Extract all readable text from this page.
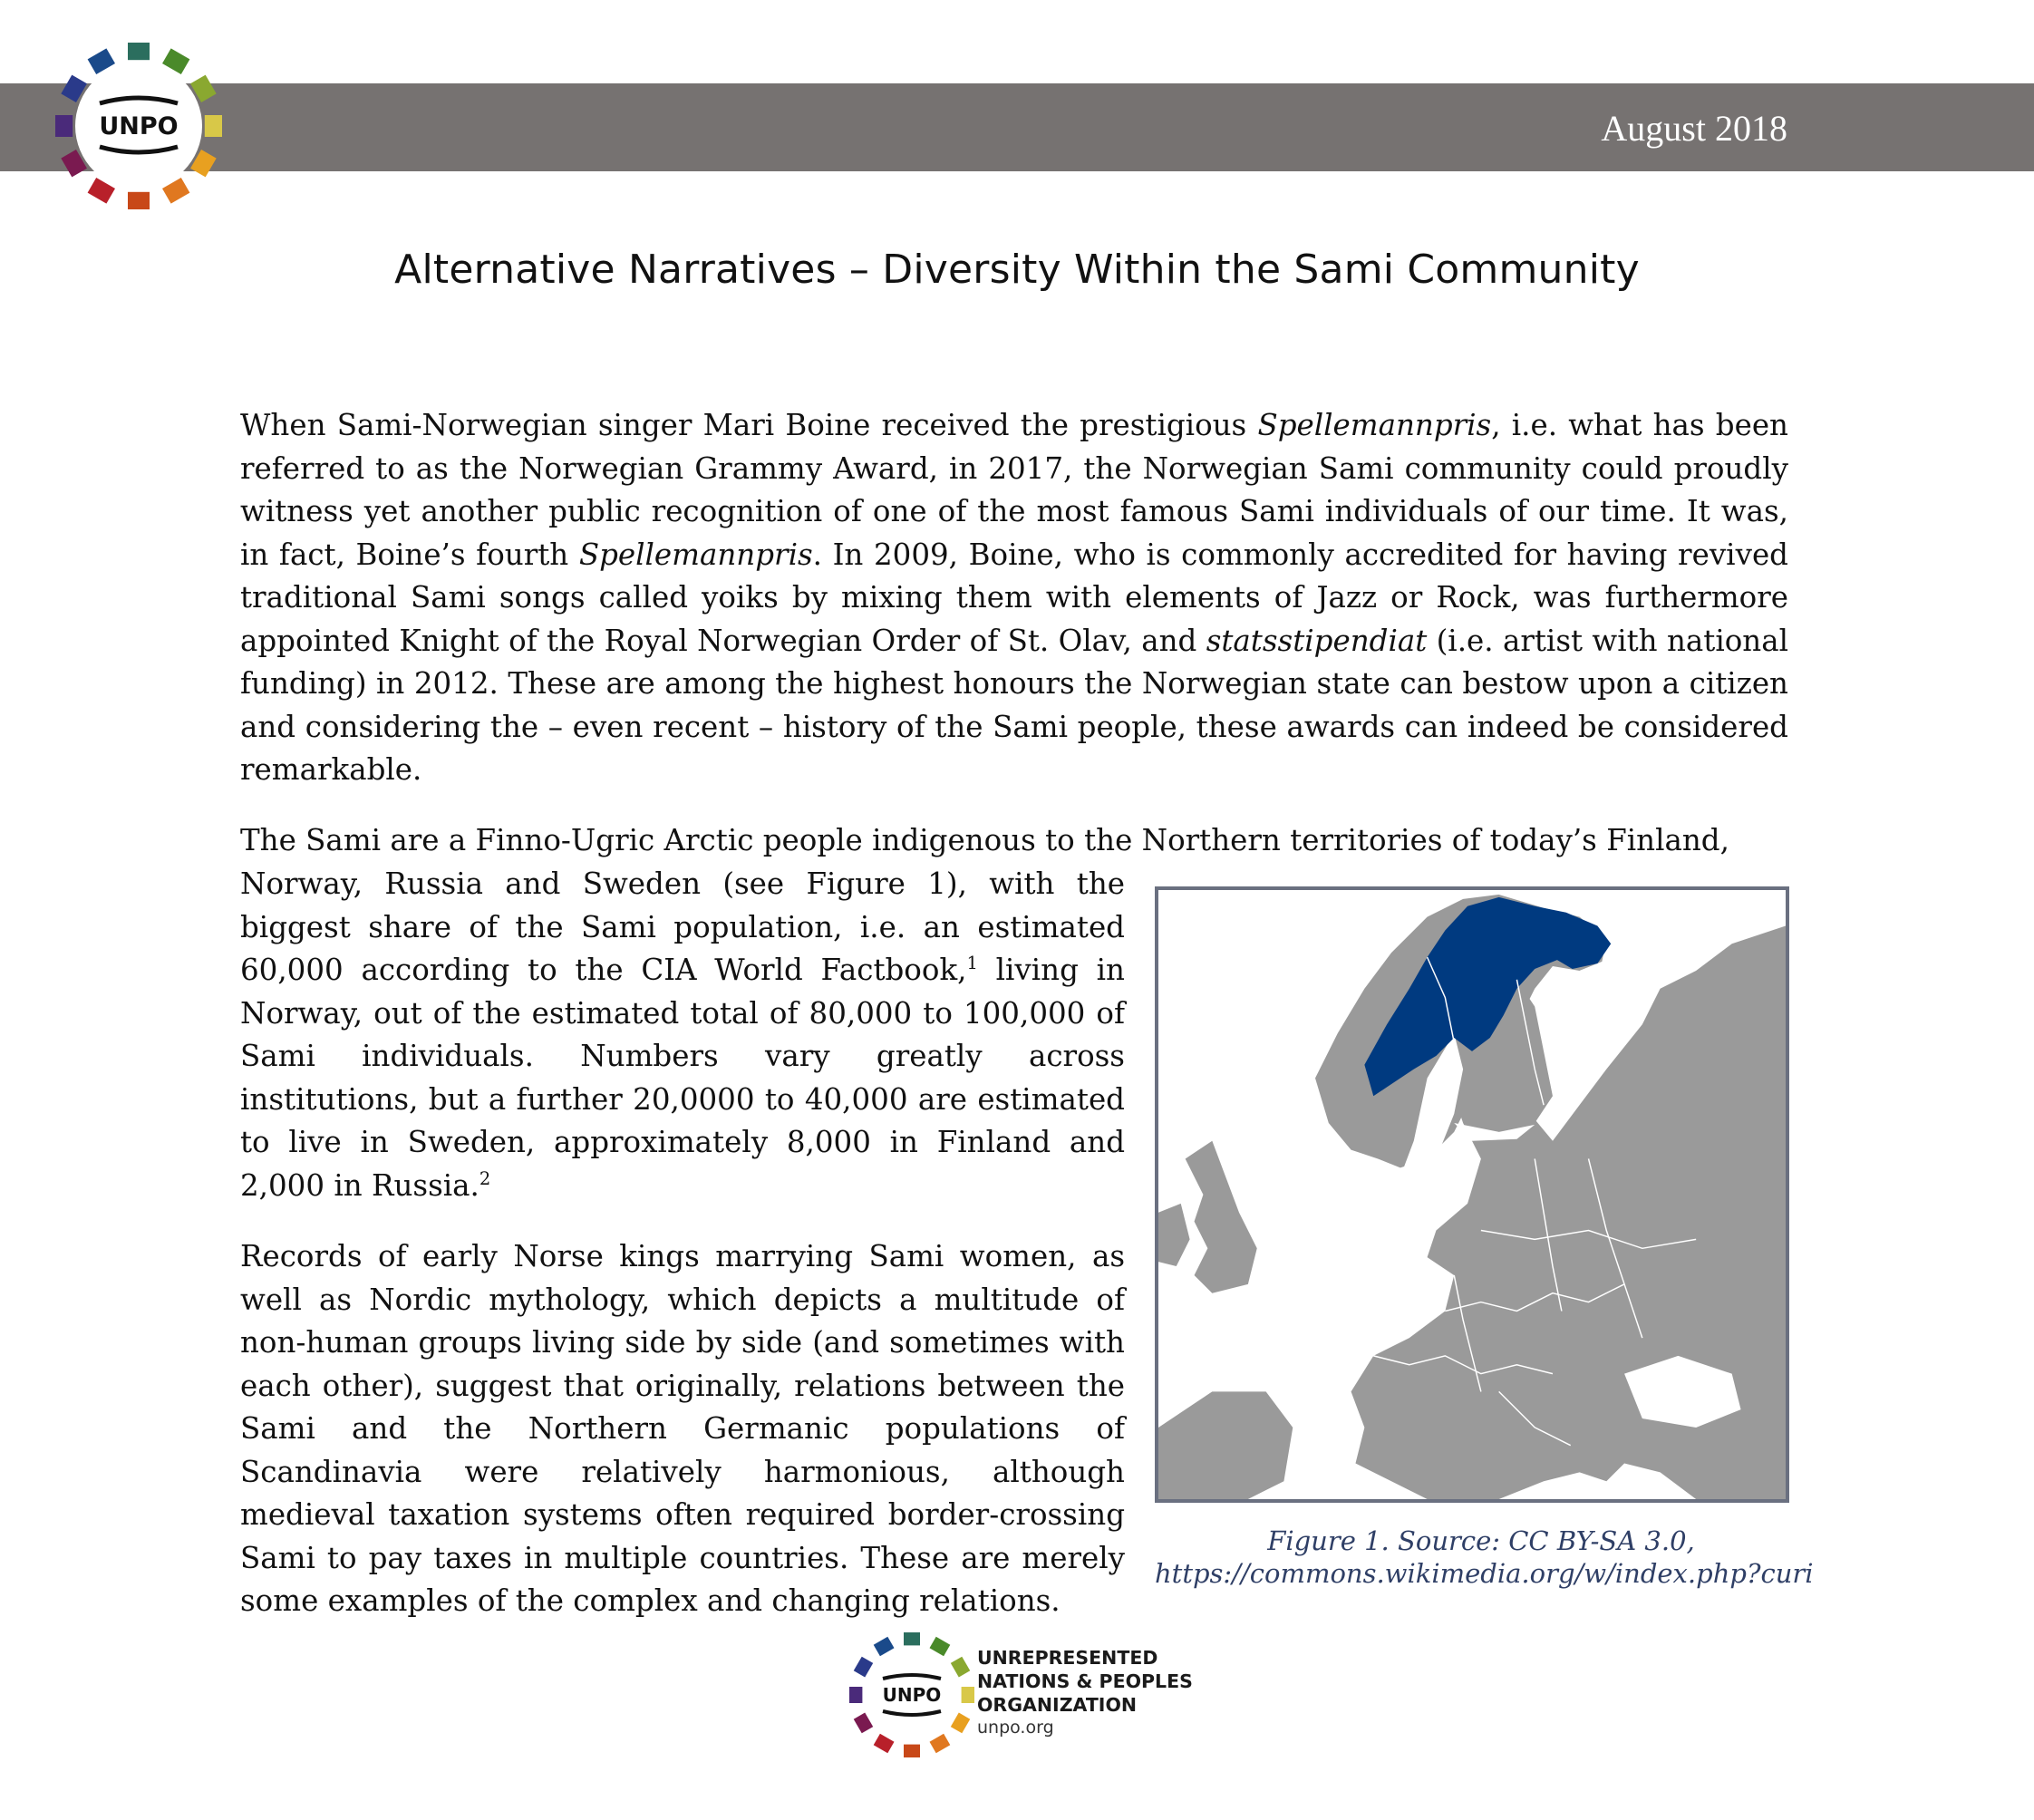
August 2018
UNPO
Alternative Narratives – Diversity Within the Sami Community

When Sami-Norwegian singer Mari Boine received the prestigious Spellemannpris, i.e. what has been referred to as the Norwegian Grammy Award, in 2017, the Norwegian Sami community could proudly witness yet another public recognition of one of the most famous Sami individuals of our time. It was, in fact, Boine’s fourth Spellemannpris. In 2009, Boine, who is commonly accredited for having revived traditional Sami songs called yoiks by mixing them with elements of Jazz or Rock, was furthermore appointed Knight of the Royal Norwegian Order of St. Olav, and statsstipendiat (i.e. artist with national funding) in 2012. These are among the highest honours the Norwegian state can bestow upon a citizen and considering the – even recent – history of the Sami people, these awards can indeed be considered remarkable.

The Sami are a Finno-Ugric Arctic people indigenous to the Northern territories of today’s Finland,

Norway, Russia and Sweden (see Figure 1), with the biggest share of the Sami population, i.e. an estimated 60,000 according to the CIA World Factbook,$^1$ living in Norway, out of the estimated total of 80,000 to 100,000 of Sami individuals. Numbers vary greatly across institutions, but a further 20,0000 to 40,000 are estimated to live in Sweden, approximately 8,000 in Finland and 2,000 in Russia.$^2$

Records of early Norse kings marrying Sami women, as well as Nordic mythology, which depicts a multitude of non-human groups living side by side (and sometimes with each other), suggest that originally, relations between the Sami and the Northern Germanic populations of Scandinavia were relatively harmonious, although medieval taxation systems often required border-crossing Sami to pay taxes in multiple countries. These are merely some examples of the complex and changing relations.

Figure 1. Source: CC BY-SA 3.0,
https://commons.wikimedia.org/w/index.php?curi
UNPO
UNREPRESENTED
NATIONS & PEOPLES
ORGANIZATION
unpo.org
